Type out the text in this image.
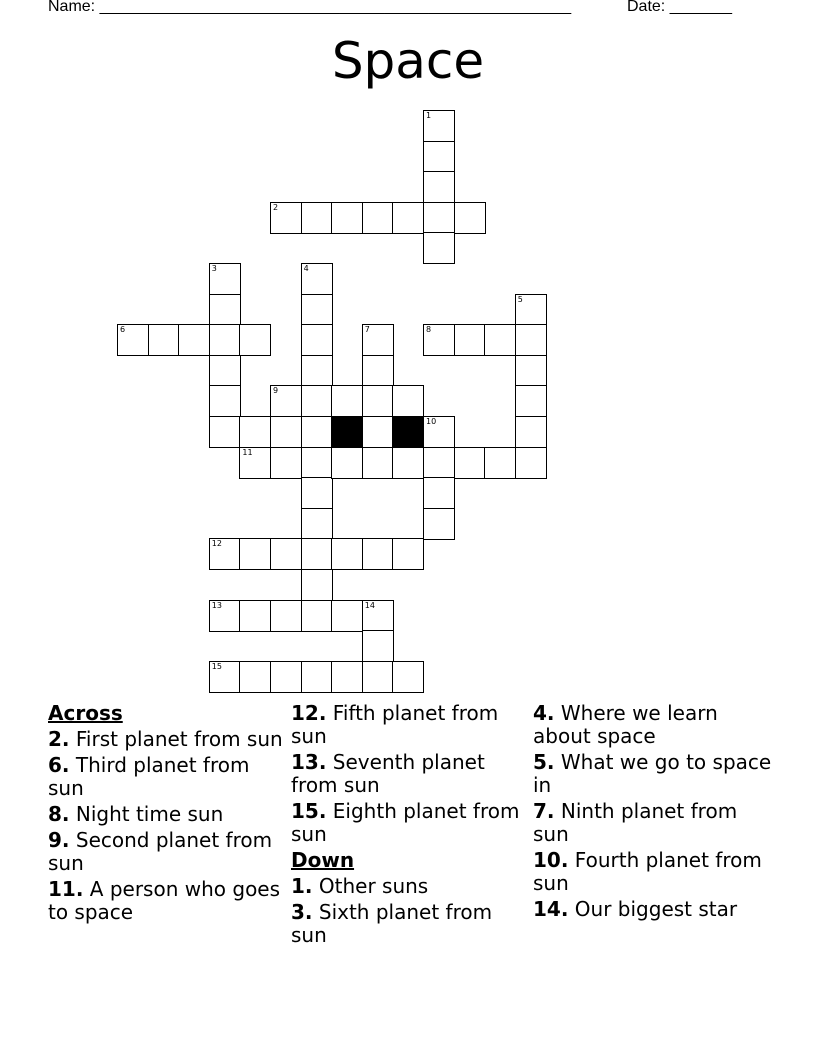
Name: _____________________________________________________	Date: _______
Space
1
2
3	4
5
6	7	8
9
10
11
12
13	14
15
Across
2. First planet from sun
6. Third planet from sun
8. Night time sun
9. Second planet from sun
11. A person who goes to space
12. Fifth planet from sun
13. Seventh planet from sun
15. Eighth planet from sun
Down
1. Other suns
3. Sixth planet from sun
4. Where we learn about space
5. What we go to space in
7. Ninth planet from sun
10. Fourth planet from sun
14. Our biggest star
